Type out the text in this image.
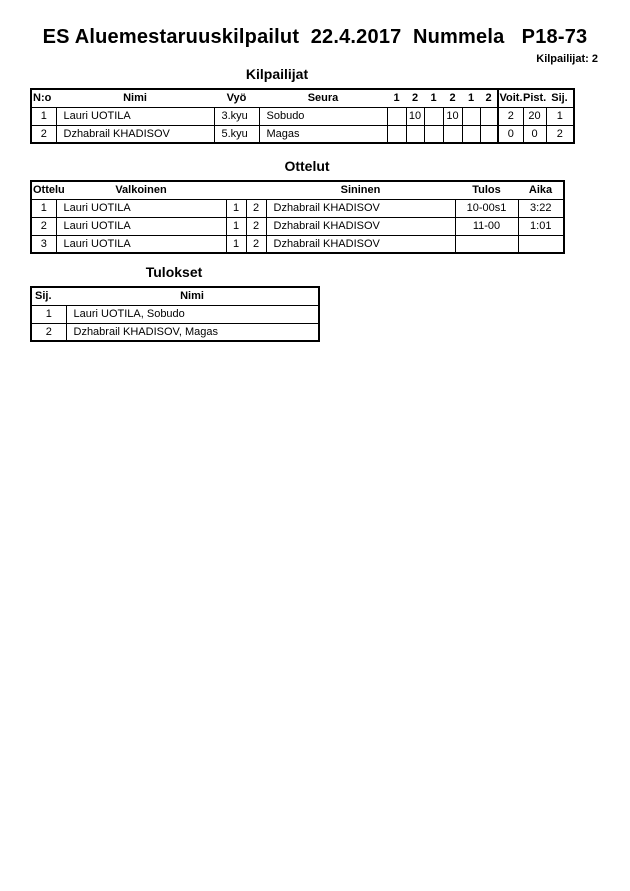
ES Aluemestaruuskilpailut  22.4.2017  Nummela   P18-73
Kilpailijat: 2
Kilpailijat
N:o	Nimi	Vyö	Seura	1	2	1	2	1	2	Voit.	Pist.	Sij.
1	Lauri UOTILA	3.kyu	Sobudo		10		10			2	20	1
2	Dzhabrail KHADISOV	5.kyu	Magas							0	0	2
Ottelut
Ottelu	Valkoinen			Sininen	Tulos	Aika
1	Lauri UOTILA	1	2	Dzhabrail KHADISOV	10-00s1	3:22
2	Lauri UOTILA	1	2	Dzhabrail KHADISOV	11-00	1:01
3	Lauri UOTILA	1	2	Dzhabrail KHADISOV		
Tulokset
Sij.	Nimi
1	Lauri UOTILA, Sobudo
2	Dzhabrail KHADISOV, Magas
